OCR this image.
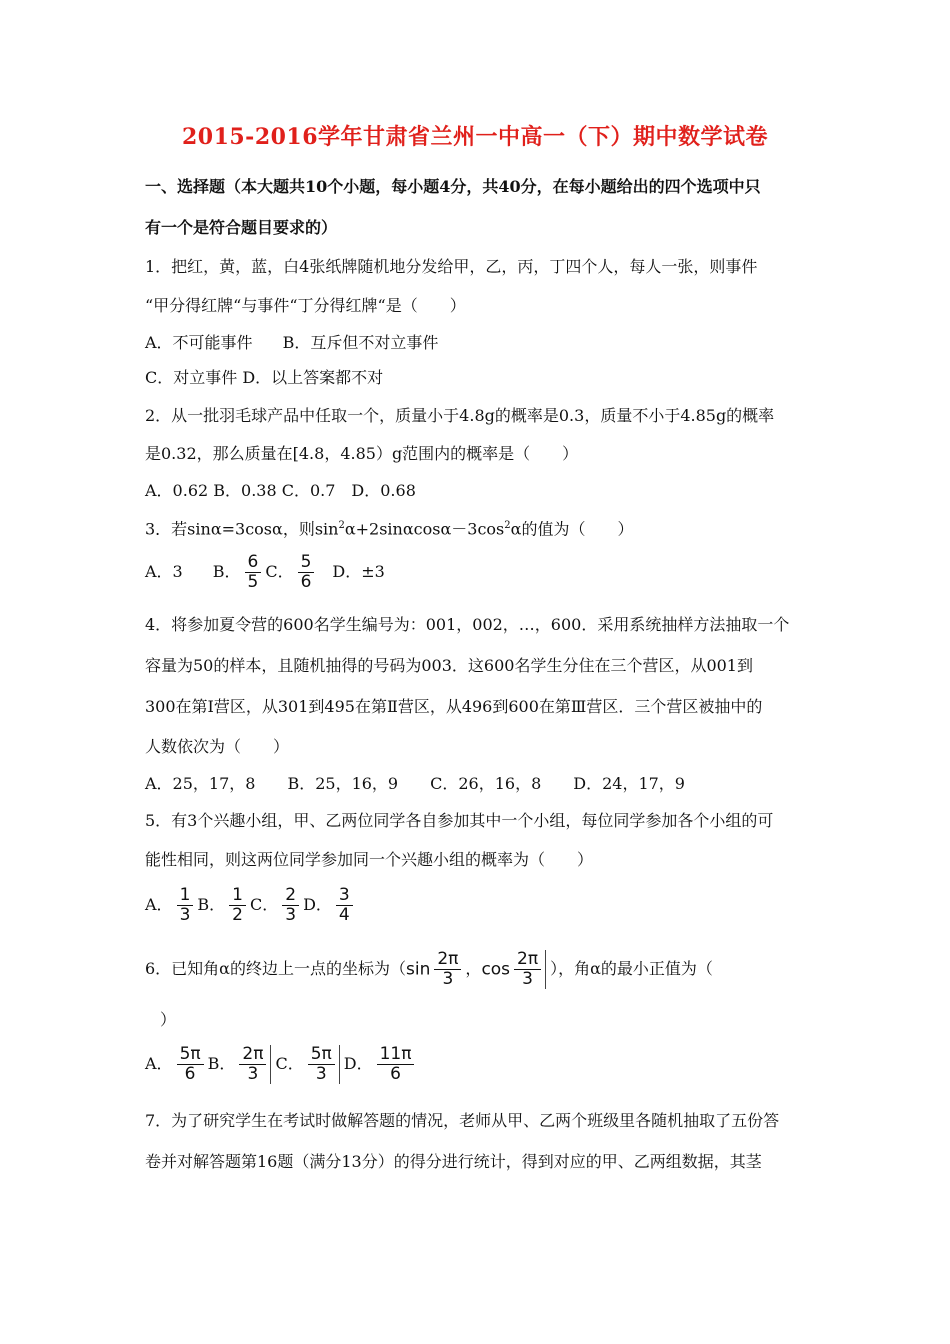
2015-2016学年甘肃省兰州一中高一（下）期中数学试卷
一、选择题（本大题共10个小题，每小题4分，共40分，在每小题给出的四个选项中只
有一个是符合题目要求的）
1．把红，黄，蓝，白4张纸牌随机地分发给甲，乙，丙，丁四个人，每人一张，则事件
“甲分得红牌“与事件“丁分得红牌“是（　　）
A．不可能事件 B．互斥但不对立事件
C．对立事件 D．以上答案都不对
2．从一批羽毛球产品中任取一个，质量小于4.8g的概率是0.3，质量不小于4.85g的概率
是0.32，那么质量在[4.8，4.85）g范围内的概率是（　　）
A．0.62 B．0.38 C．0.7　D．0.68
3．若sinα=3cosα，则$\sin^2\alpha+2\sin\alpha\cos\alpha-3\cos^2\alpha$的值为（　　）
A．3 B． $\frac{6}{5}$ C． $\frac{5}{6}$ D．±3
4．将参加夏令营的600名学生编号为：001，002，…，600．采用系统抽样方法抽取一个
容量为50的样本，且随机抽得的号码为003．这600名学生分住在三个营区，从001到
300在第Ⅰ营区，从301到495在第Ⅱ营区，从496到600在第Ⅲ营区．三个营区被抽中的
人数依次为（　　）
A．25，17，8　　B．25，16，9　　C．26，16，8　　D．24，17，9
5．有3个兴趣小组，甲、乙两位同学各自参加其中一个小组，每位同学参加各个小组的可
能性相同，则这两位同学参加同一个兴趣小组的概率为（　　）
A． $\frac{1}{3}$ B． $\frac{1}{2}$ C． $\frac{2}{3}$ D． $\frac{3}{4}$
6．已知角α的终边上一点的坐标为（$\sin \frac{2\pi}{3}$ ，$\cos \frac{2\pi}{3}$ ），角α的最小正值为（
）
A． $\frac{5\pi}{6}$ B． $\frac{2\pi}{3}$ C． $\frac{5\pi}{3}$ D． $\frac{11\pi}{6}$
7．为了研究学生在考试时做解答题的情况，老师从甲、乙两个班级里各随机抽取了五份答
卷并对解答题第16题（满分13分）的得分进行统计，得到对应的甲、乙两组数据，其茎
